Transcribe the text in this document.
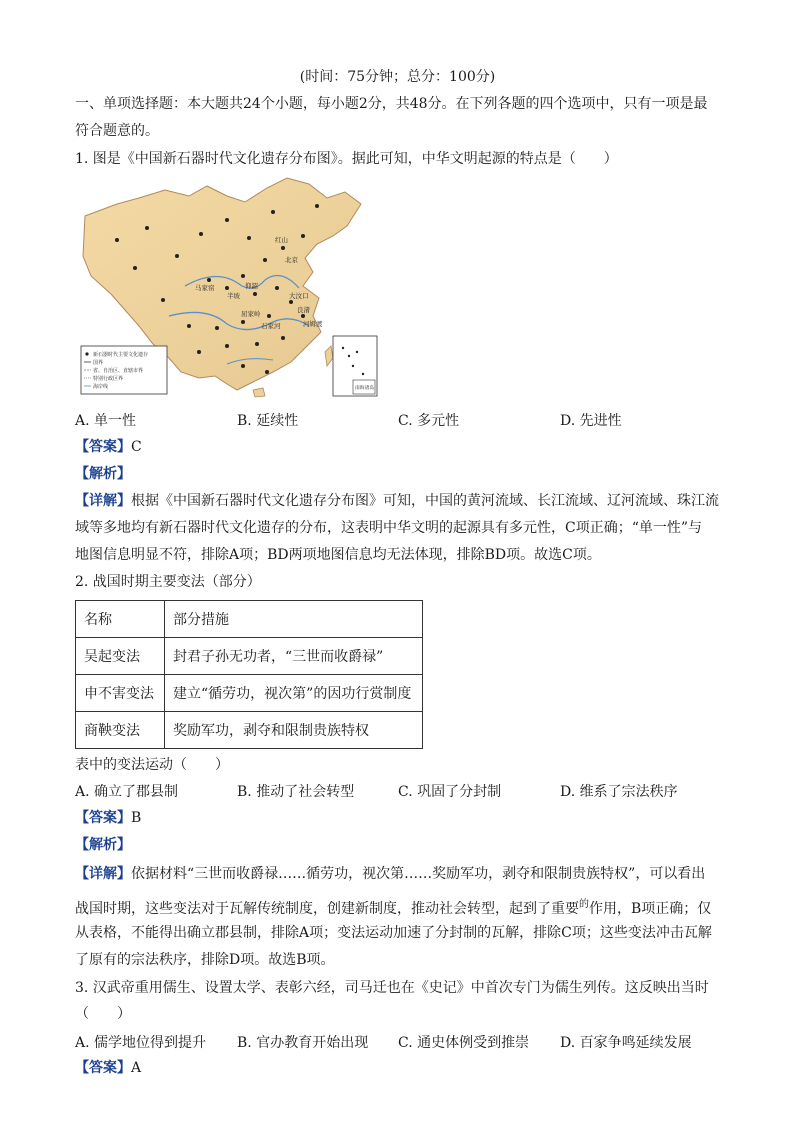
(时间：75分钟；总分：100分)
一、单项选择题：本大题共24个小题，每小题2分，共48分。在下列各题的四个选项中，只有一项是最
符合题意的。
1. 图是《中国新石器时代文化遗存分布图》。据此可知，中华文明起源的特点是（　　）
红山
北京
半坡
马家窑
大汶口
良渚
河姆渡
仰韶
屈家岭
石家河
新石器时代主要文化遗存
国界
省、自治区、直辖市界
特别行政区界
海岸线	南海诸岛
A. 单一性	B. 延续性	C. 多元性	D. 先进性
【答案】C
【解析】
【详解】根据《中国新石器时代文化遗存分布图》可知，中国的黄河流域、长江流域、辽河流域、珠江流
域等多地均有新石器时代文化遗存的分布，这表明中华文明的起源具有多元性，C项正确；“单一性”与
地图信息明显不符，排除A项；BD两项地图信息均无法体现，排除BD项。故选C项。
2. 战国时期主要变法（部分）
名称	部分措施
吴起变法	封君子孙无功者，“三世而收爵禄”
申不害变法	建立“循劳功，视次第”的因功行赏制度
商鞅变法	奖励军功，剥夺和限制贵族特权
表中的变法运动（　　）
A. 确立了郡县制	B. 推动了社会转型	C. 巩固了分封制	D. 维系了宗法秩序
【答案】B
【解析】
【详解】依据材料“三世而收爵禄……循劳功，视次第……奖励军功，剥夺和限制贵族特权”，可以看出
战国时期，这些变法对于瓦解传统制度，创建新制度，推动社会转型，起到了重要$^的$作用，B项正确；仅
从表格，不能得出确立郡县制，排除A项；变法运动加速了分封制的瓦解，排除C项；这些变法冲击瓦解
了原有的宗法秩序，排除D项。故选B项。
3. 汉武帝重用儒生、设置太学、表彰六经，司马迁也在《史记》中首次专门为儒生列传。这反映出当时
（　　）
A. 儒学地位得到提升 B. 官办教育开始出现 C. 通史体例受到推崇 D. 百家争鸣延续发展
【答案】A
